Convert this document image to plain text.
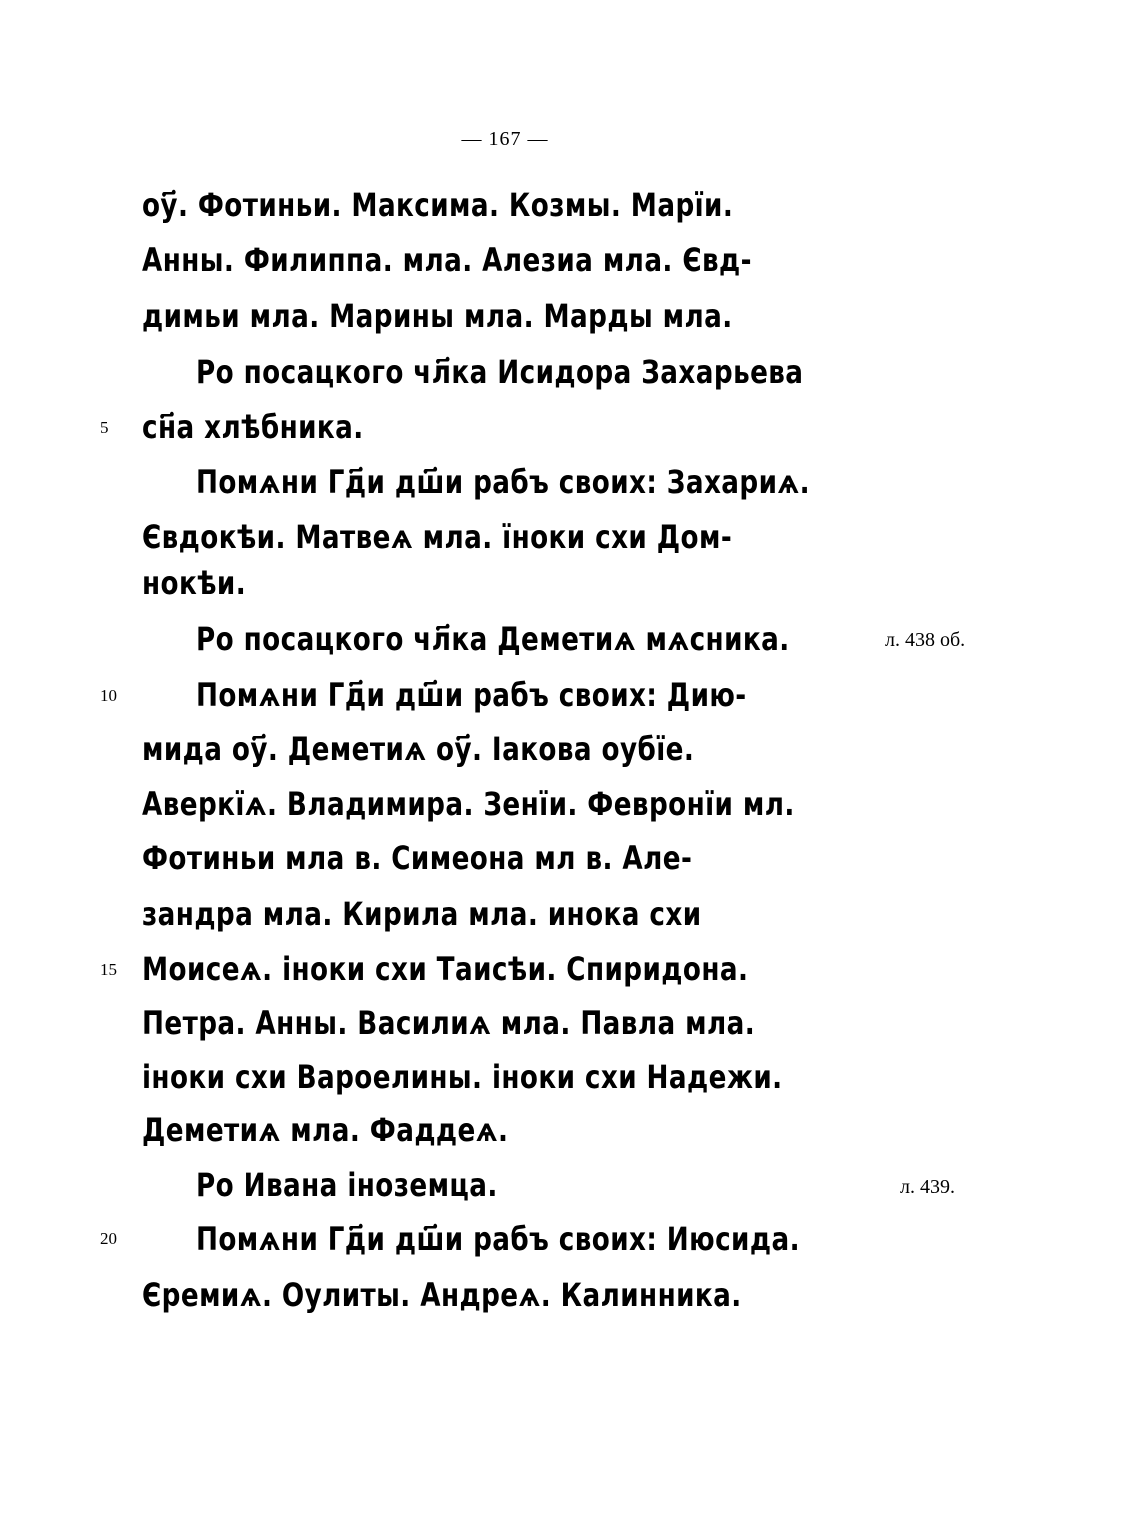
— 167 —
оу҃. Фотиньи. Максима. Козмы. Марїи.
Анны. Филиппа. мла. Алезиа мла. Євд-
димьи мла. Марины мла. Марды мла.
Ро посацкого чл҃ка Исидора Захарьева
сн҃а хлѣбника.
Помѧни Гд҃и дш҃и рабъ своих: Захариѧ.
Євдокѣи. Матвеѧ мла. їноки схи Дом-
нокѣи.
Ро посацкого чл҃ка Деметиѧ мѧсника.
Помѧни Гд҃и дш҃и рабъ своих: Дию-
мида оу҃. Деметиѧ оу҃. Іакова оубїе.
Аверкїѧ. Владимира. Зенїи. Февронїи мл.
Фотиньи мла в. Симеона мл в. Але-
зандра мла. Кирила мла. инока схи
Моисеѧ. іноки схи Таисѣи. Спиридона.
Петра. Анны. Василиѧ мла. Павла мла.
іноки схи Вароелины. іноки схи Надежи.
Деметиѧ мла. Фаддеѧ.
Ро Ивана іноземца.
Помѧни Гд҃и дш҃и рабъ своих: Июсида.
Єремиѧ. Оулиты. Андреѧ. Калинника.
5
10
15
20
л. 438 об.
л. 439.
